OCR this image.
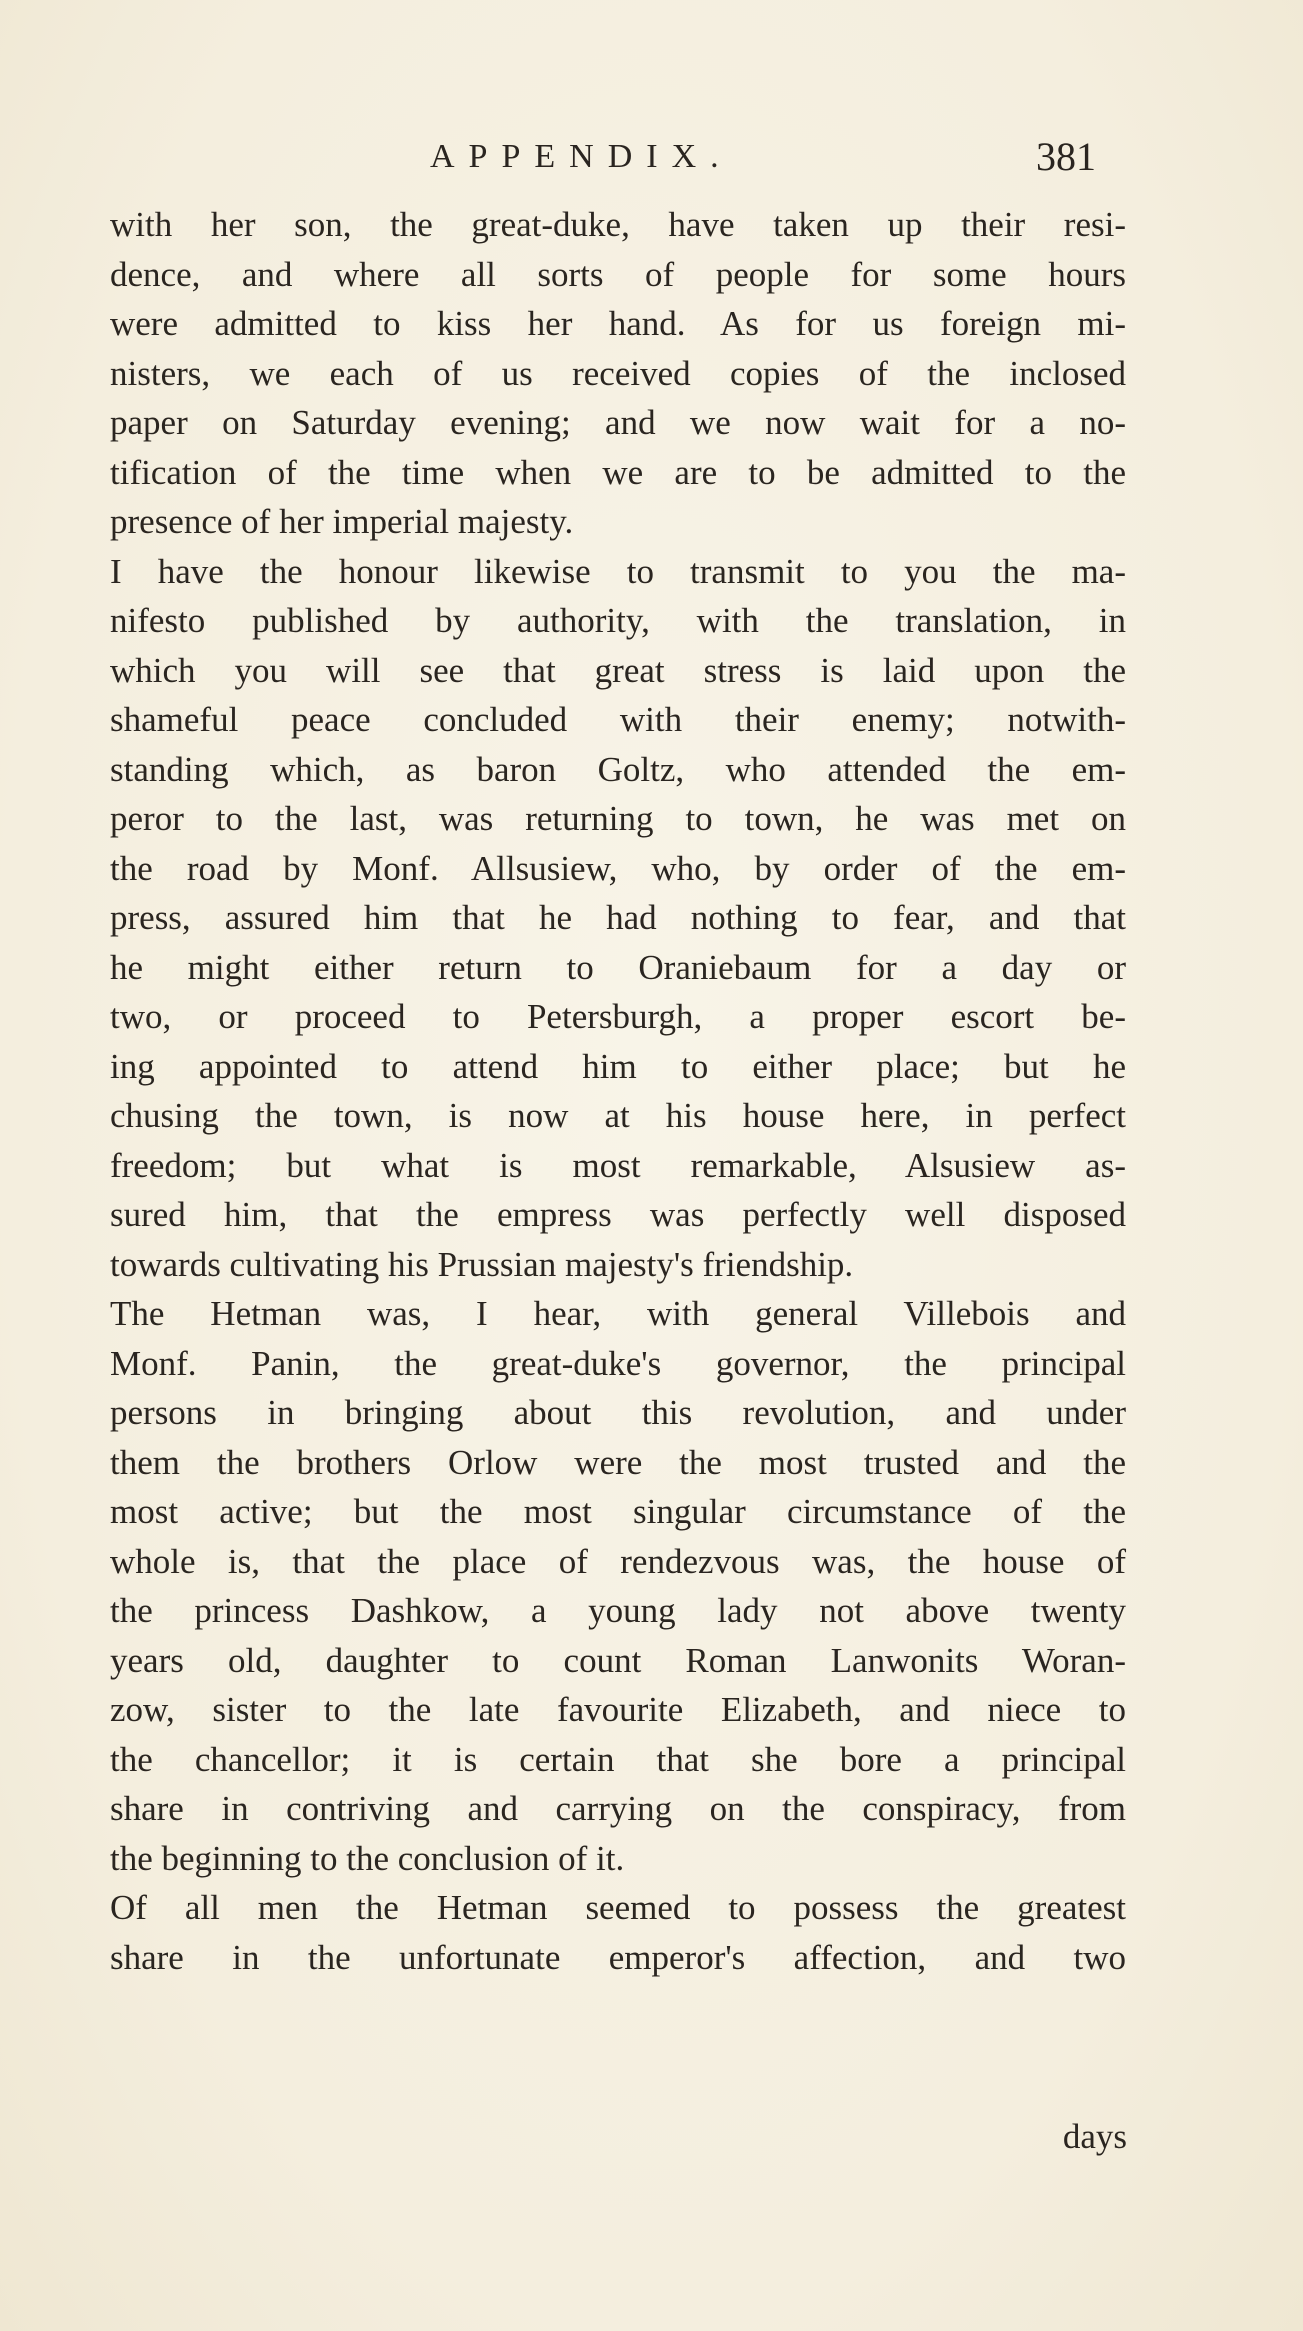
APPENDIX.	381
with her son, the great-duke, have taken up their resi-
dence, and where all sorts of people for some hours
were admitted to kiss her hand. As for us foreign mi-
nisters, we each of us received copies of the inclosed
paper on Saturday evening; and we now wait for a no-
tification of the time when we are to be admitted to the
presence of her imperial majesty.
I have the honour likewise to transmit to you the ma-
nifesto published by authority, with the translation, in
which you will see that great stress is laid upon the
shameful peace concluded with their enemy; notwith-
standing which, as baron Goltz, who attended the em-
peror to the last, was returning to town, he was met on
the road by Monf. Allsusiew, who, by order of the em-
press, assured him that he had nothing to fear, and that
he might either return to Oraniebaum for a day or
two, or proceed to Petersburgh, a proper escort be-
ing appointed to attend him to either place; but he
chusing the town, is now at his house here, in perfect
freedom; but what is most remarkable, Alsusiew as-
sured him, that the empress was perfectly well disposed
towards cultivating his Prussian majesty's friendship.
The Hetman was, I hear, with general Villebois and
Monf. Panin, the great-duke's governor, the principal
persons in bringing about this revolution, and under
them the brothers Orlow were the most trusted and the
most active; but the most singular circumstance of the
whole is, that the place of rendezvous was, the house of
the princess Dashkow, a young lady not above twenty
years old, daughter to count Roman Lanwonits Woran-
zow, sister to the late favourite Elizabeth, and niece to
the chancellor; it is certain that she bore a principal
share in contriving and carrying on the conspiracy, from
the beginning to the conclusion of it.
Of all men the Hetman seemed to possess the greatest
share in the unfortunate emperor's affection, and two
days
